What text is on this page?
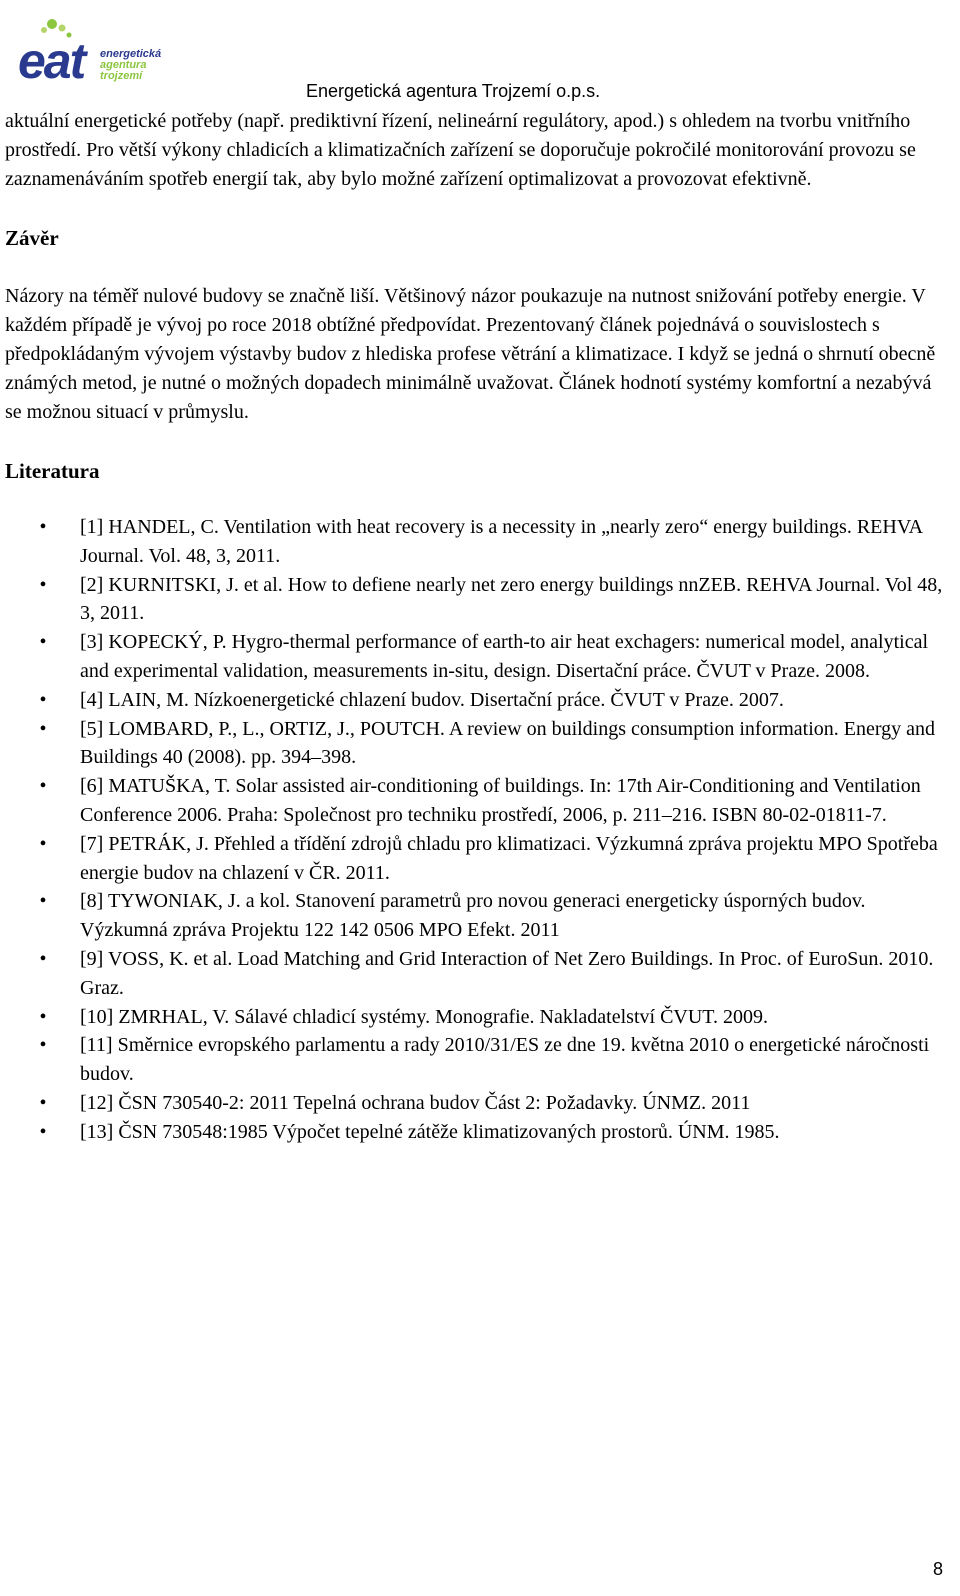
eat	energetická
agentura
trojzemí
Energetická agentura Trojzemí o.p.s.

aktuální energetické potřeby (např. prediktivní řízení, nelineární regulátory, apod.) s ohledem na tvorbu vnitřního prostředí. Pro větší výkony chladicích a klimatizačních zařízení se doporučuje pokročilé monitorování provozu se zaznamenáváním spotřeb energií tak, aby bylo možné zařízení optimalizovat a provozovat efektivně.

Závěr

Názory na téměř nulové budovy se značně liší. Většinový názor poukazuje na nutnost snižování potřeby energie. V každém případě je vývoj po roce 2018 obtížné předpovídat. Prezentovaný článek pojednává o souvislostech s předpokládaným vývojem výstavby budov z hlediska profese větrání a klimatizace. I když se jedná o shrnutí obecně známých metod, je nutné o možných dopadech minimálně uvažovat. Článek hodnotí systémy komfortní a nezabývá se možnou situací v průmyslu.

Literatura
• [1] HANDEL, C. Ventilation with heat recovery is a necessity in „nearly zero“ energy buildings. REHVA Journal. Vol. 48, 3, 2011.
• [2] KURNITSKI, J. et al. How to defiene nearly net zero energy buildings nnZEB. REHVA Journal. Vol 48, 3, 2011.
• [3] KOPECKÝ, P. Hygro-thermal performance of earth-to air heat exchagers: numerical model, analytical and experimental validation, measurements in-situ, design. Disertační práce. ČVUT v Praze. 2008.
• [4] LAIN, M. Nízkoenergetické chlazení budov. Disertační práce. ČVUT v Praze. 2007.
• [5] LOMBARD, P., L., ORTIZ, J., POUTCH. A review on buildings consumption information. Energy and Buildings 40 (2008). pp. 394–398.
• [6] MATUŠKA, T. Solar assisted air-conditioning of buildings. In: 17th Air-Conditioning and Ventilation Conference 2006. Praha: Společnost pro techniku prostředí, 2006, p. 211–216. ISBN 80-02-01811-7.
• [7] PETRÁK, J. Přehled a třídění zdrojů chladu pro klimatizaci. Výzkumná zpráva projektu MPO Spotřeba energie budov na chlazení v ČR. 2011.
• [8] TYWONIAK, J. a kol. Stanovení parametrů pro novou generaci energeticky úsporných budov. Výzkumná zpráva Projektu 122 142 0506 MPO Efekt. 2011
• [9] VOSS, K. et al. Load Matching and Grid Interaction of Net Zero Buildings. In Proc. of EuroSun. 2010. Graz.
• [10] ZMRHAL, V. Sálavé chladicí systémy. Monografie. Nakladatelství ČVUT. 2009.
• [11] Směrnice evropského parlamentu a rady 2010/31/ES ze dne 19. května 2010 o energetické náročnosti budov.
• [12] ČSN 730540-2: 2011 Tepelná ochrana budov Část 2: Požadavky. ÚNMZ. 2011
• [13] ČSN 730548:1985 Výpočet tepelné zátěže klimatizovaných prostorů. ÚNM. 1985.
8
